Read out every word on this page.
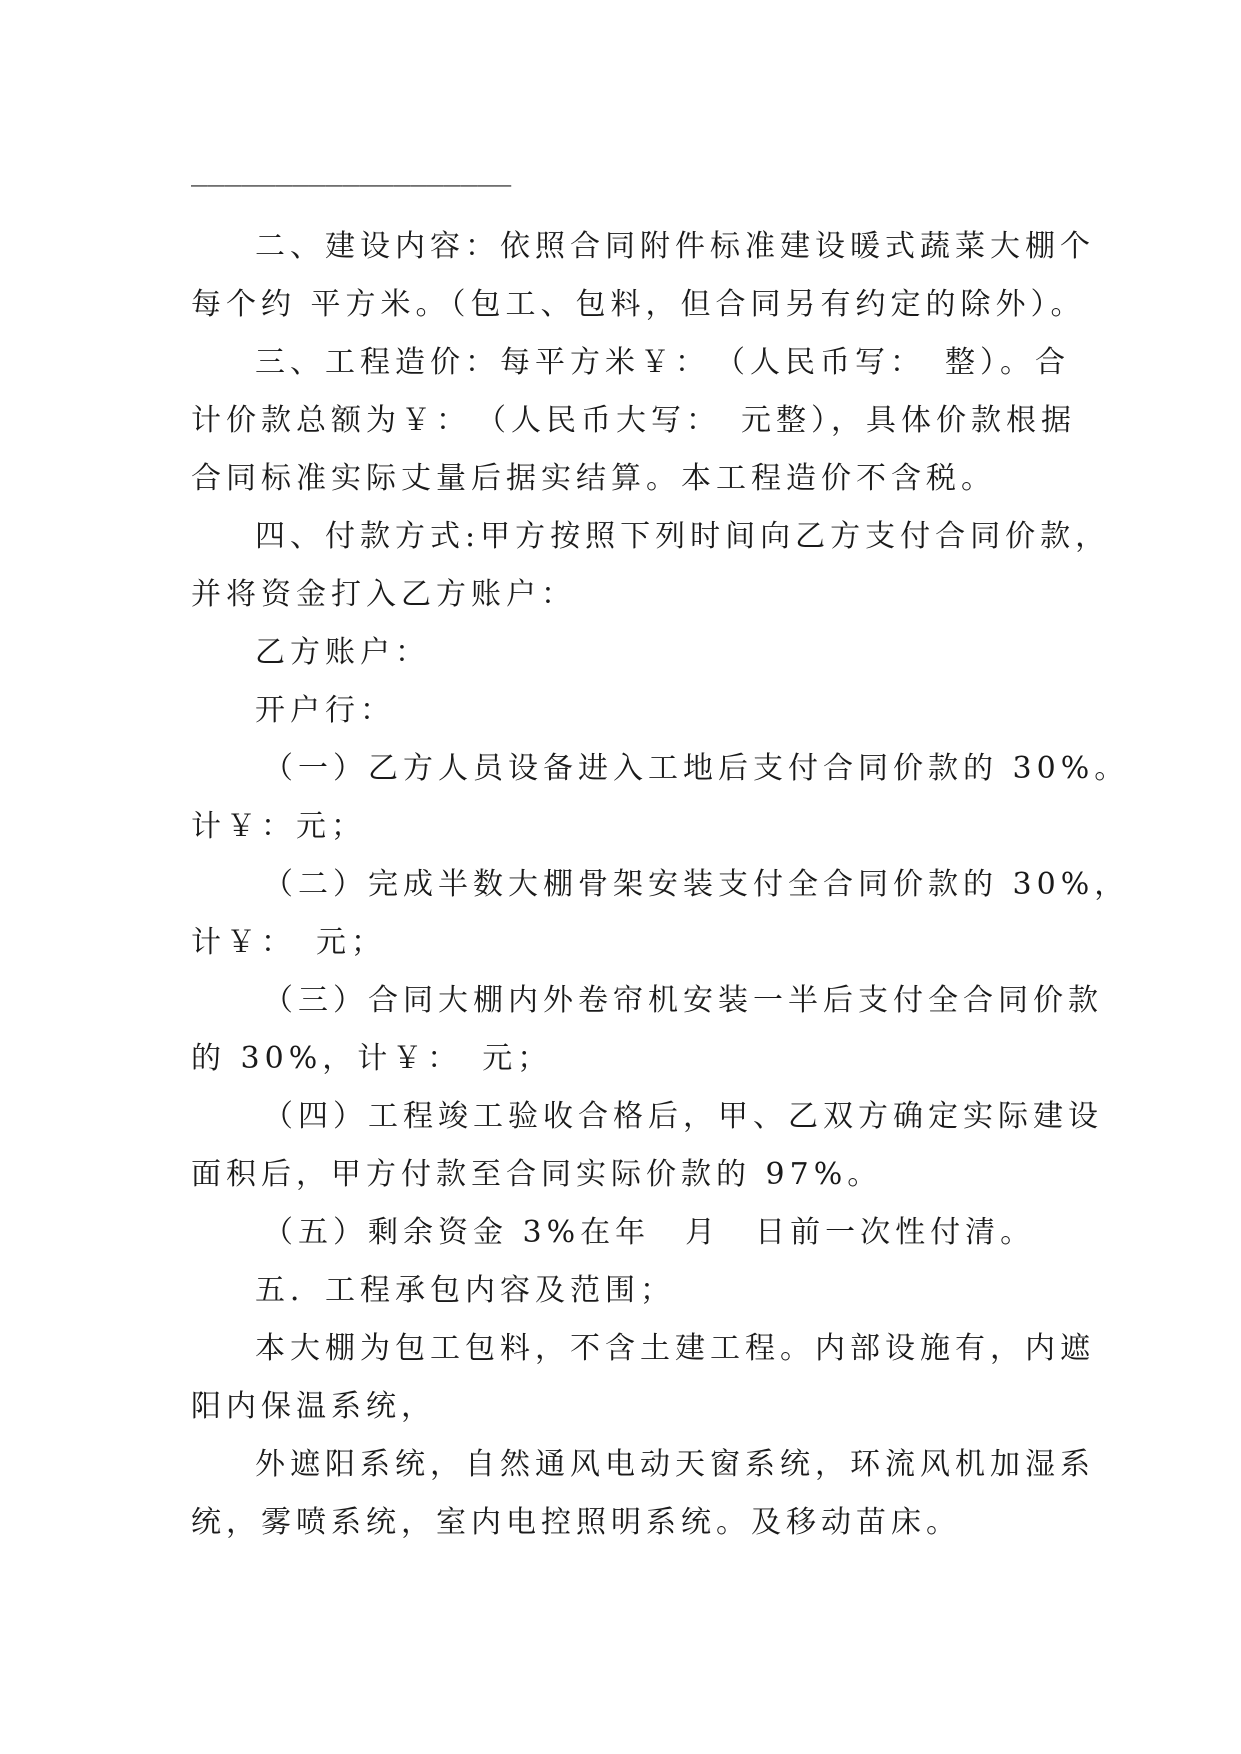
___________________
二、建设内容：依照合同附件标准建设暖式蔬菜大棚个
每个约 平方米。（包工、包料，但合同另有约定的除外）。
三、工程造价：每平方米￥：　（人民币写：　整）。合
计价款总额为￥：　（人民币大写：　元整），具体价款根据
合同标准实际丈量后据实结算。本工程造价不含税。
四、付款方式:甲方按照下列时间向乙方支付合同价款，
并将资金打入乙方账户：
乙方账户：
开户行：
（一）乙方人员设备进入工地后支付合同价款的 30%。
计￥：元；
（二）完成半数大棚骨架安装支付全合同价款的 30%，
计￥：　元；
（三）合同大棚内外卷帘机安装一半后支付全合同价款
的 30%，计￥：　元；
（四）工程竣工验收合格后，甲、乙双方确定实际建设
面积后，甲方付款至合同实际价款的 97%。
（五）剩余资金 3%在年　月　日前一次性付清。
五．工程承包内容及范围；
本大棚为包工包料，不含土建工程。内部设施有，内遮
阳内保温系统，
外遮阳系统，自然通风电动天窗系统，环流风机加湿系
统，雾喷系统，室内电控照明系统。及移动苗床。
